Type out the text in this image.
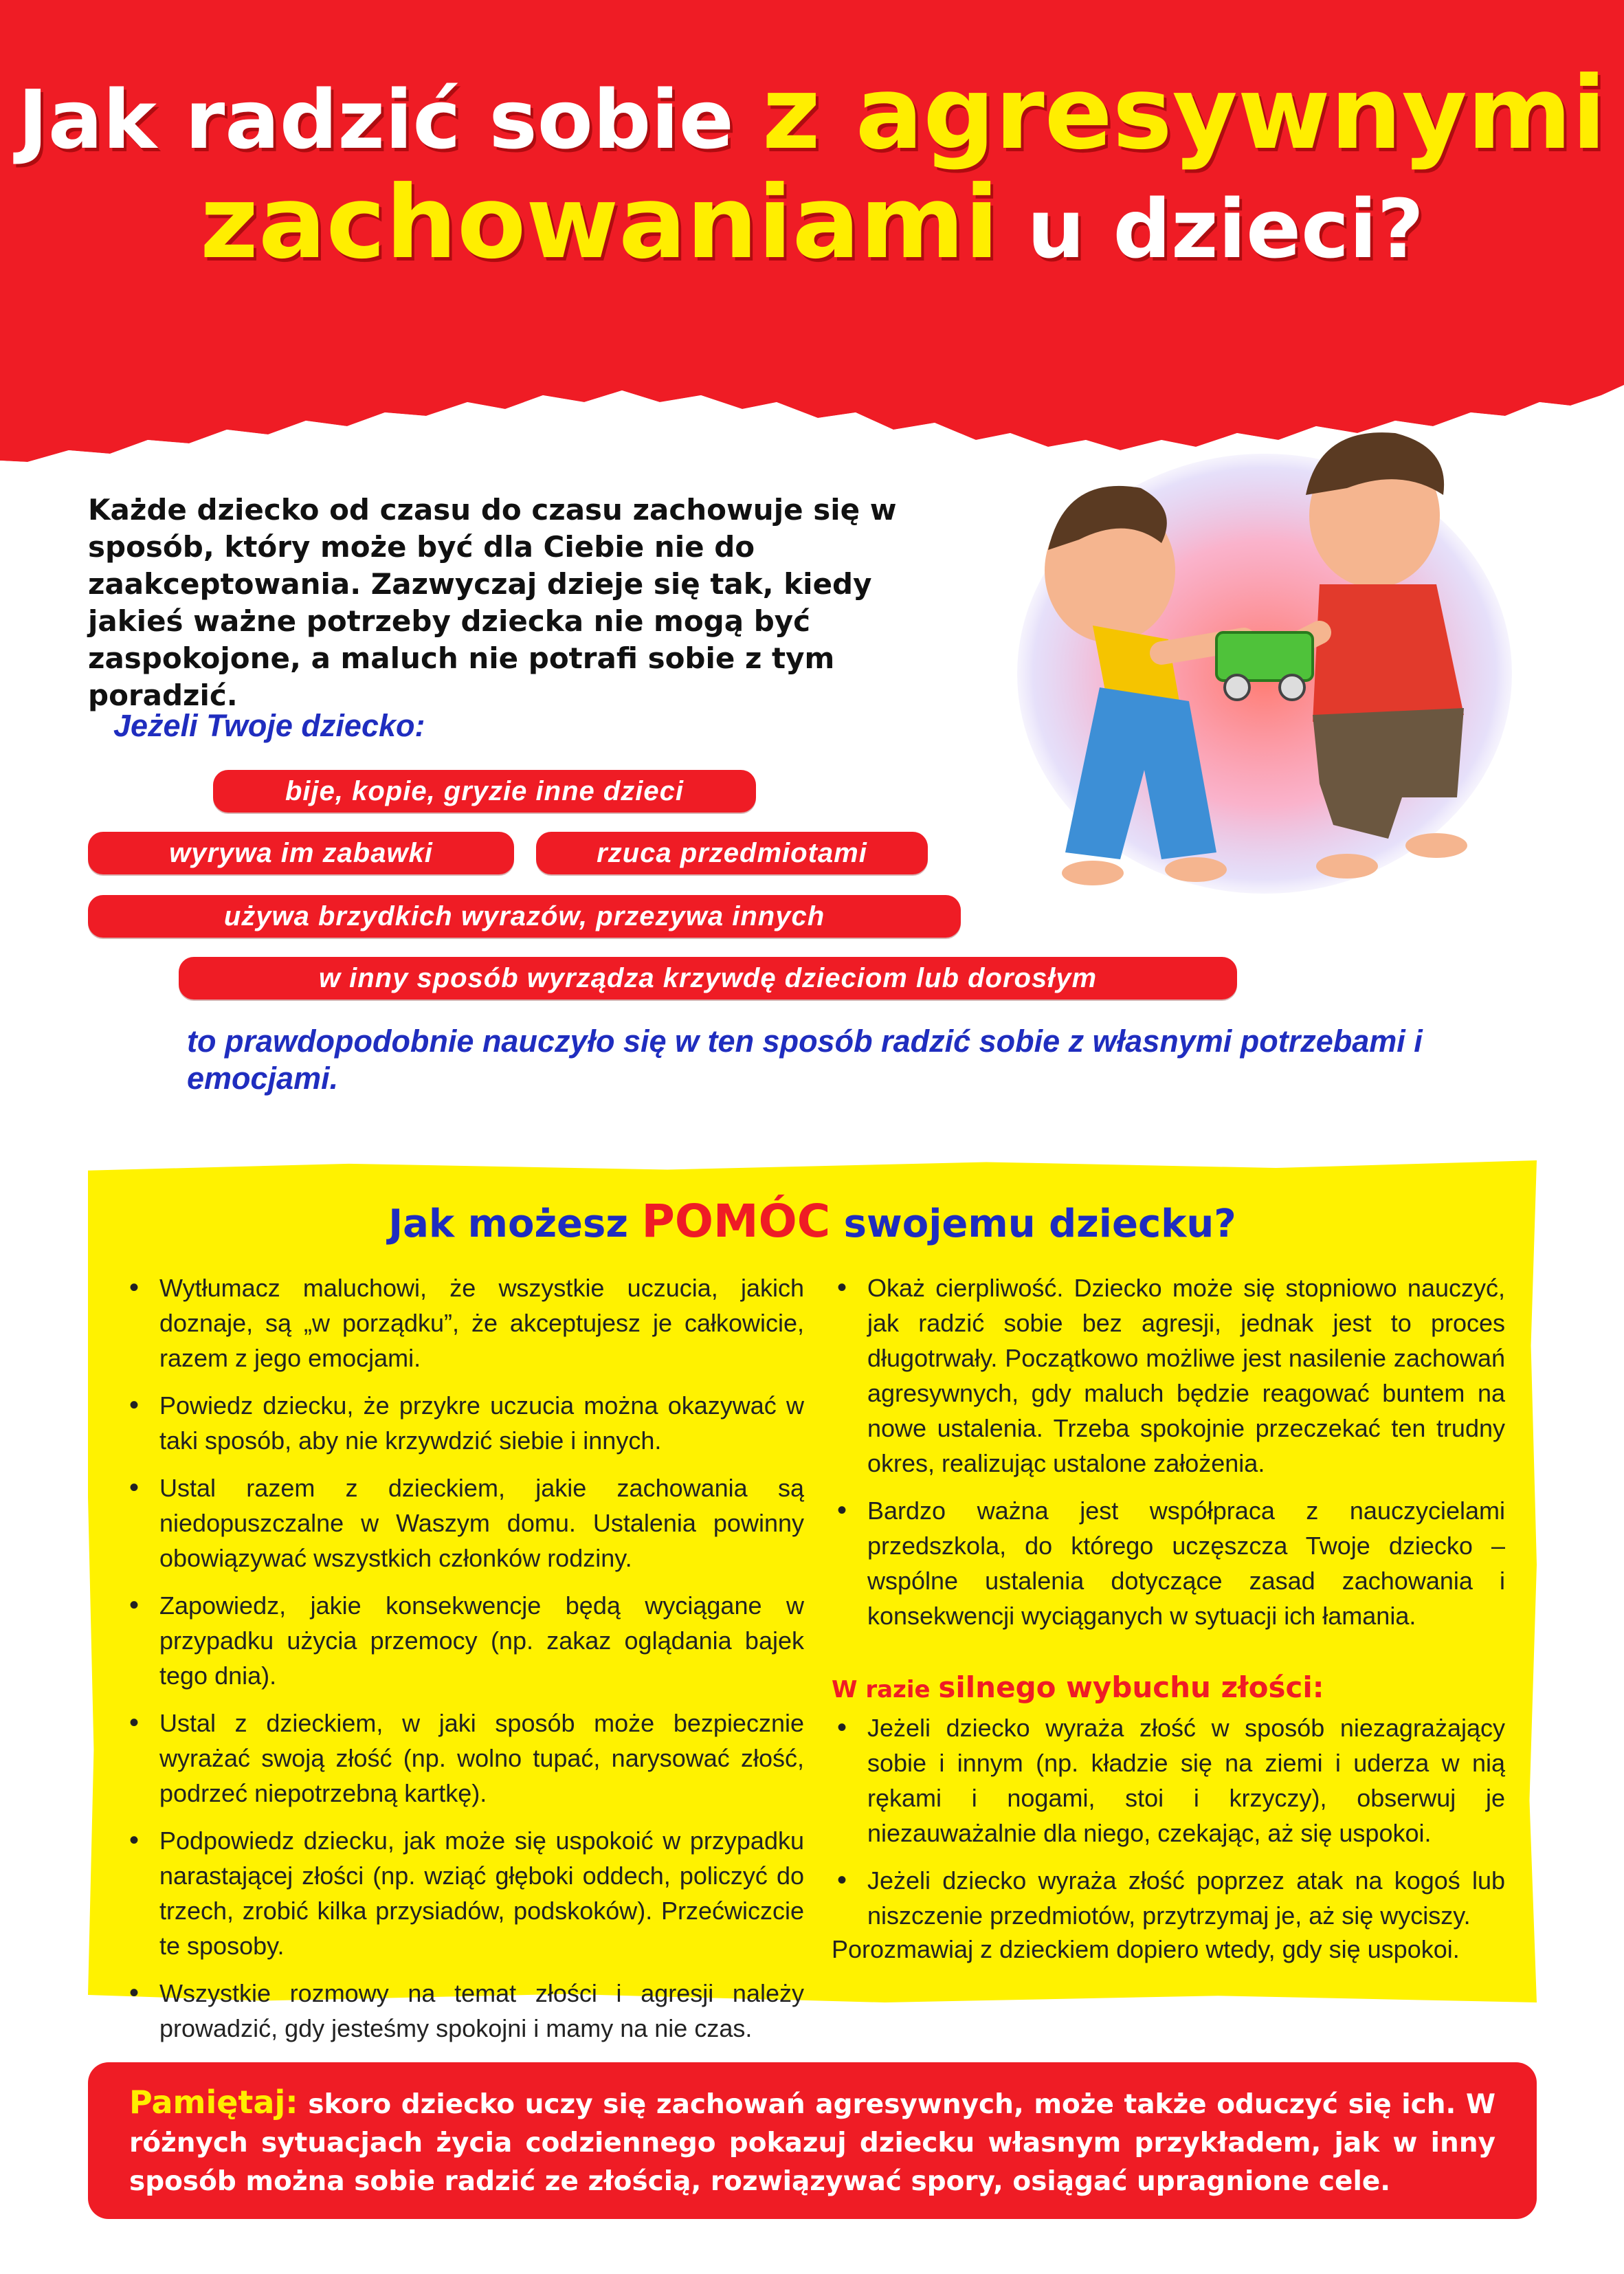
Jak radzić sobie z agresywnymi
zachowaniami u dzieci?

Każde dziecko od czasu do czasu zachowuje się w sposób, który może być dla Ciebie nie do zaakceptowania. Zazwyczaj dzieje się tak, kiedy jakieś ważne potrzeby dziecka nie mogą być zaspokojone, a maluch nie potrafi sobie z tym poradzić.

Jeżeli Twoje dziecko:
bije, kopie, gryzie inne dzieci
wyrywa im zabawki	rzuca przedmiotami
używa brzydkich wyrazów, przezywa innych
w inny sposób wyrządza krzywdę dzieciom lub dorosłym

to prawdopodobnie nauczyło się w ten sposób radzić sobie z własnymi potrzebami i emocjami.

Jak możesz POMÓC swojemu dziecku?
• Wytłumacz maluchowi, że wszystkie uczucia, jakich doznaje, są „w porządku”, że akceptujesz je całkowicie, razem z jego emocjami.
• Powiedz dziecku, że przykre uczucia można okazywać w taki sposób, aby nie krzywdzić siebie i innych.
• Ustal razem z dzieckiem, jakie zachowania są niedopuszczalne w Waszym domu. Ustalenia powinny obowiązywać wszystkich członków rodziny.
• Zapowiedz, jakie konsekwencje będą wyciągane w przypadku użycia przemocy (np. zakaz oglądania bajek tego dnia).
• Ustal z dzieckiem, w jaki sposób może bezpiecznie wyrażać swoją złość (np. wolno tupać, narysować złość, podrzeć niepotrzebną kartkę).
• Podpowiedz dziecku, jak może się uspokoić w przypadku narastającej złości (np. wziąć głęboki oddech, policzyć do trzech, zrobić kilka przysiadów, podskoków). Przećwiczcie te sposoby.
• Wszystkie rozmowy na temat złości i agresji należy prowadzić, gdy jesteśmy spokojni i mamy na nie czas.
• Okaż cierpliwość. Dziecko może się stopniowo nauczyć, jak radzić sobie bez agresji, jednak jest to proces długotrwały. Początkowo możliwe jest nasilenie zachowań agresywnych, gdy maluch będzie reagować buntem na nowe ustalenia. Trzeba spokojnie przeczekać ten trudny okres, realizując ustalone założenia.
• Bardzo ważna jest współpraca z nauczycielami przedszkola, do którego uczęszcza Twoje dziecko – wspólne ustalenia dotyczące zasad zachowania i konsekwencji wyciąganych w sytuacji ich łamania.
W razie silnego wybuchu złości:
• Jeżeli dziecko wyraża złość w sposób niezagrażający sobie i innym (np. kładzie się na ziemi i uderza w nią rękami i nogami, stoi i krzyczy), obserwuj je niezauważalnie dla niego, czekając, aż się uspokoi.
• Jeżeli dziecko wyraża złość poprzez atak na kogoś lub niszczenie przedmiotów, przytrzymaj je, aż się wyciszy.

Porozmawiaj z dzieckiem dopiero wtedy, gdy się uspokoi.

Pamiętaj: skoro dziecko uczy się zachowań agresywnych, może także oduczyć się ich. W różnych sytuacjach życia codziennego pokazuj dziecku własnym przykładem, jak w inny sposób można sobie radzić ze złością, rozwiązywać spory, osiągać upragnione cele.
